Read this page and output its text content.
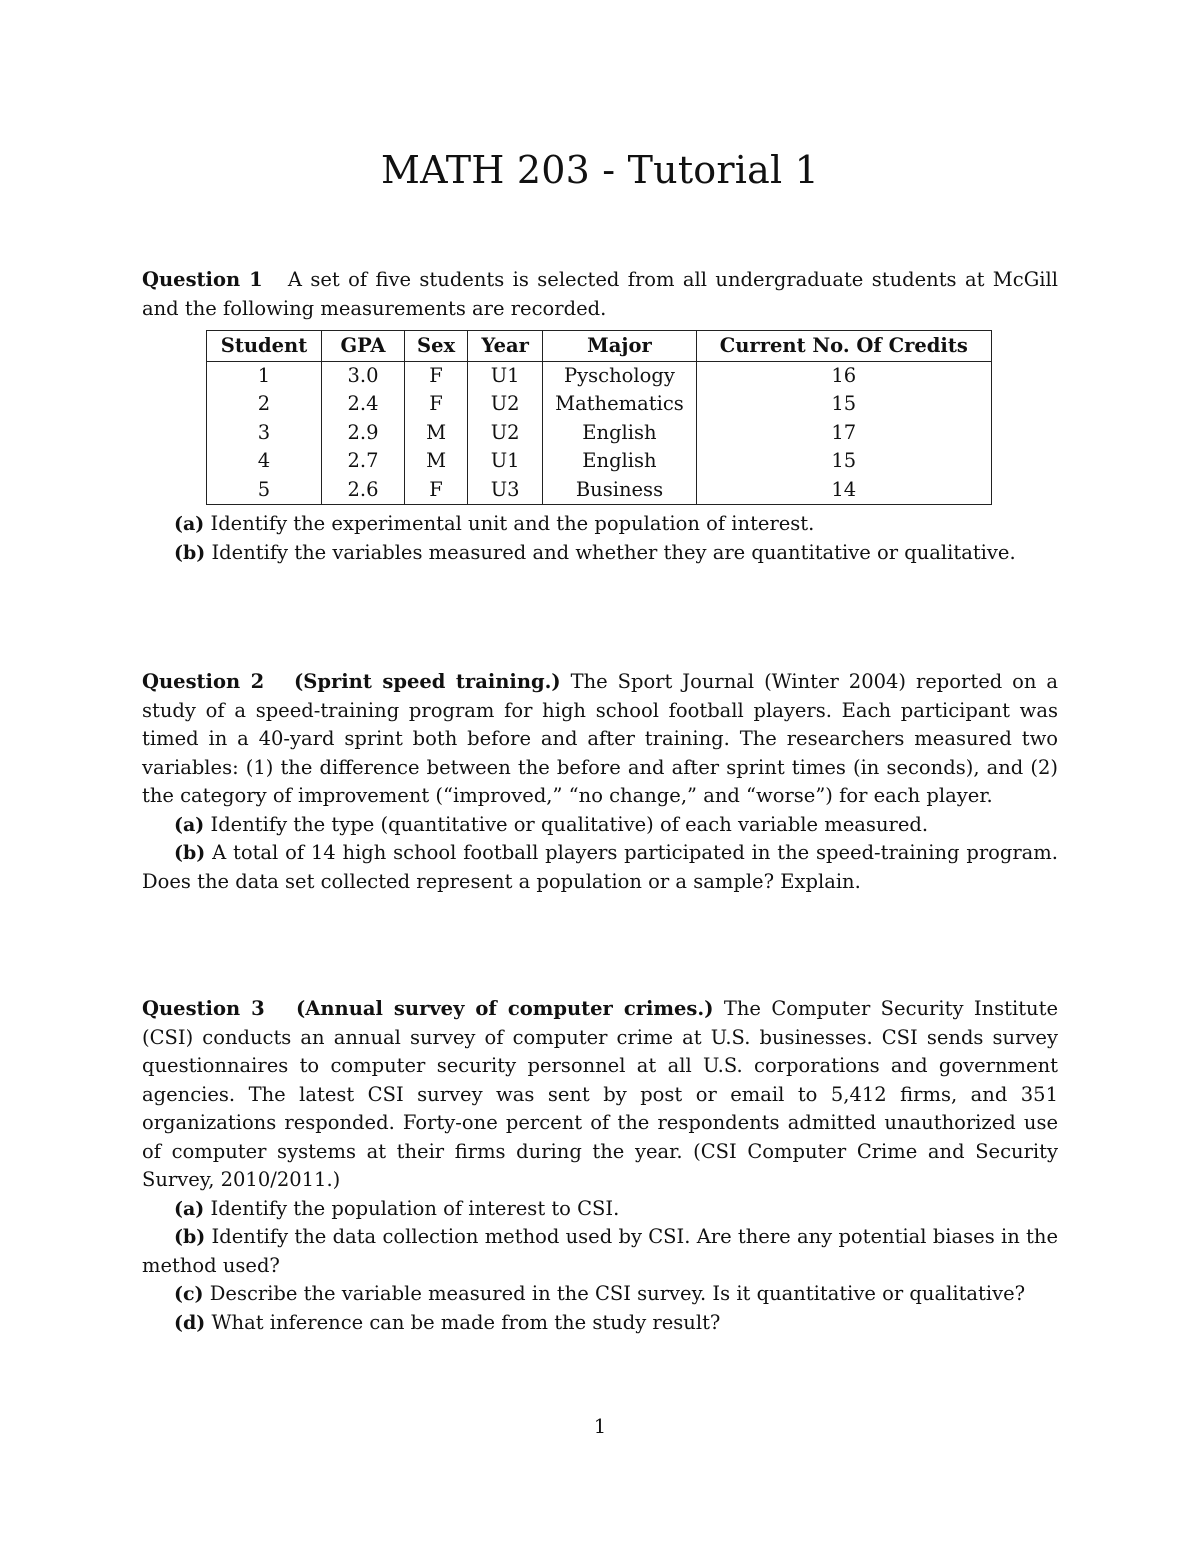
MATH 203 - Tutorial 1

Question 1 A set of five students is selected from all undergraduate students at McGill and the following measurements are recorded.

Student	GPA	Sex	Year	Major	Current No. Of Credits
1	3.0	F	U1	Pyschology	16
2	2.4	F	U2	Mathematics	15
3	2.9	M	U2	English	17
4	2.7	M	U1	English	15
5	2.6	F	U3	Business	14

(a) Identify the experimental unit and the population of interest.

(b) Identify the variables measured and whether they are quantitative or qualitative.

Question 2 (Sprint speed training.) The Sport Journal (Winter 2004) reported on a study of a speed-training program for high school football players. Each participant was timed in a 40-yard sprint both before and after training. The researchers measured two variables: (1) the difference between the before and after sprint times (in seconds), and (2) the category of improvement (“improved,” “no change,” and “worse”) for each player.

(a) Identify the type (quantitative or qualitative) of each variable measured.

(b) A total of 14 high school football players participated in the speed-training program. Does the data set collected represent a population or a sample? Explain.

Question 3 (Annual survey of computer crimes.) The Computer Security Institute (CSI) conducts an annual survey of computer crime at U.S. businesses. CSI sends survey questionnaires to computer security personnel at all U.S. corporations and government agencies. The latest CSI survey was sent by post or email to 5,412 firms, and 351 organizations responded. Forty-one percent of the respondents admitted unauthorized use of computer systems at their firms during the year. (CSI Computer Crime and Security Survey, 2010/2011.)

(a) Identify the population of interest to CSI.

(b) Identify the data collection method used by CSI. Are there any potential biases in the method used?

(c) Describe the variable measured in the CSI survey. Is it quantitative or qualitative?

(d) What inference can be made from the study result?

1
